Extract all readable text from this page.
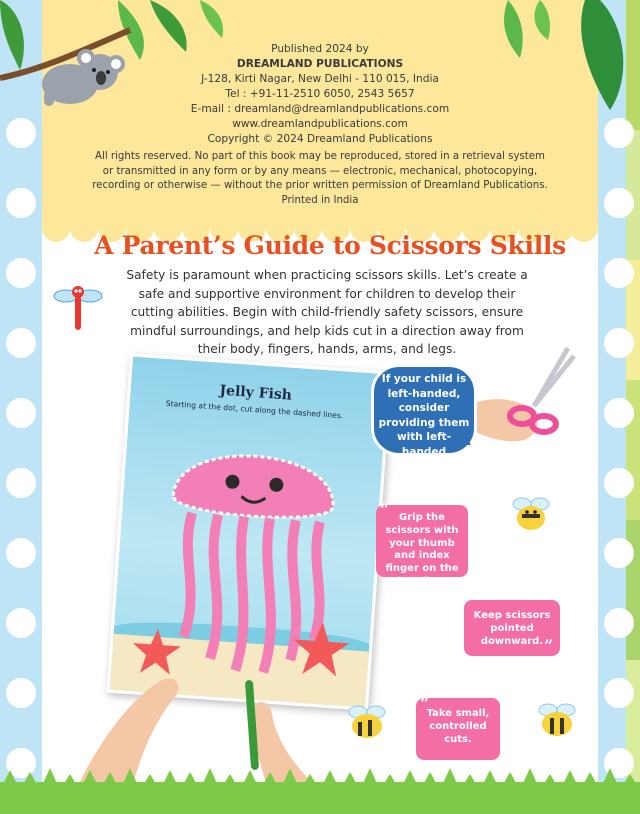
Published 2024 by
DREAMLAND PUBLICATIONS
J-128, Kirti Nagar, New Delhi - 110 015, India
Tel : +91-11-2510 6050, 2543 5657
E-mail : dreamland@dreamlandpublications.com
www.dreamlandpublications.com
Copyright © 2024 Dreamland Publications
All rights reserved. No part of this book may be reproduced, stored in a retrieval system or transmitted in any form or by any means — electronic, mechanical, photocopying, recording or otherwise — without the prior written permission of Dreamland Publications.
Printed in India
A Parent’s Guide to Scissors Skills
Safety is paramount when practicing scissors skills. Let’s create a safe and supportive environment for children to develop their cutting abilities. Begin with child-friendly safety scissors, ensure mindful surroundings, and help kids cut in a direction away from their body, fingers, hands, arms, and legs.
Jelly Fish
Starting at the dot, cut along the dashed lines.
If your child is left-handed, consider providing them with left-handed scissors.
“ Grip the scissors with your thumb and index finger on the handles.
”
Keep scissors pointed downward.
“
Take small, controlled cuts.
